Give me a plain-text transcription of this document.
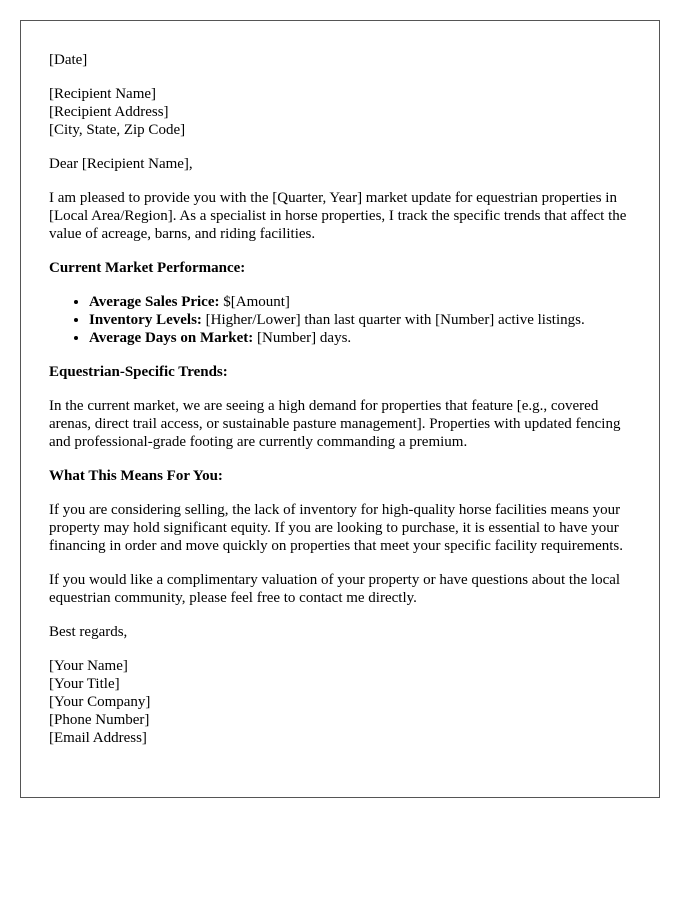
[Date]

[Recipient Name]
[Recipient Address]
[City, State, Zip Code]

Dear [Recipient Name],

I am pleased to provide you with the [Quarter, Year] market update for equestrian properties in [Local Area/Region]. As a specialist in horse properties, I track the specific trends that affect the value of acreage, barns, and riding facilities.

Current Market Performance:
• Average Sales Price: $[Amount]
• Inventory Levels: [Higher/Lower] than last quarter with [Number] active listings.
• Average Days on Market: [Number] days.
Equestrian-Specific Trends:

In the current market, we are seeing a high demand for properties that feature [e.g., covered arenas, direct trail access, or sustainable pasture management]. Properties with updated fencing and professional-grade footing are currently commanding a premium.

What This Means For You:

If you are considering selling, the lack of inventory for high-quality horse facilities means your property may hold significant equity. If you are looking to purchase, it is essential to have your financing in order and move quickly on properties that meet your specific facility requirements.

If you would like a complimentary valuation of your property or have questions about the local equestrian community, please feel free to contact me directly.

Best regards,

[Your Name]
[Your Title]
[Your Company]
[Phone Number]
[Email Address]
